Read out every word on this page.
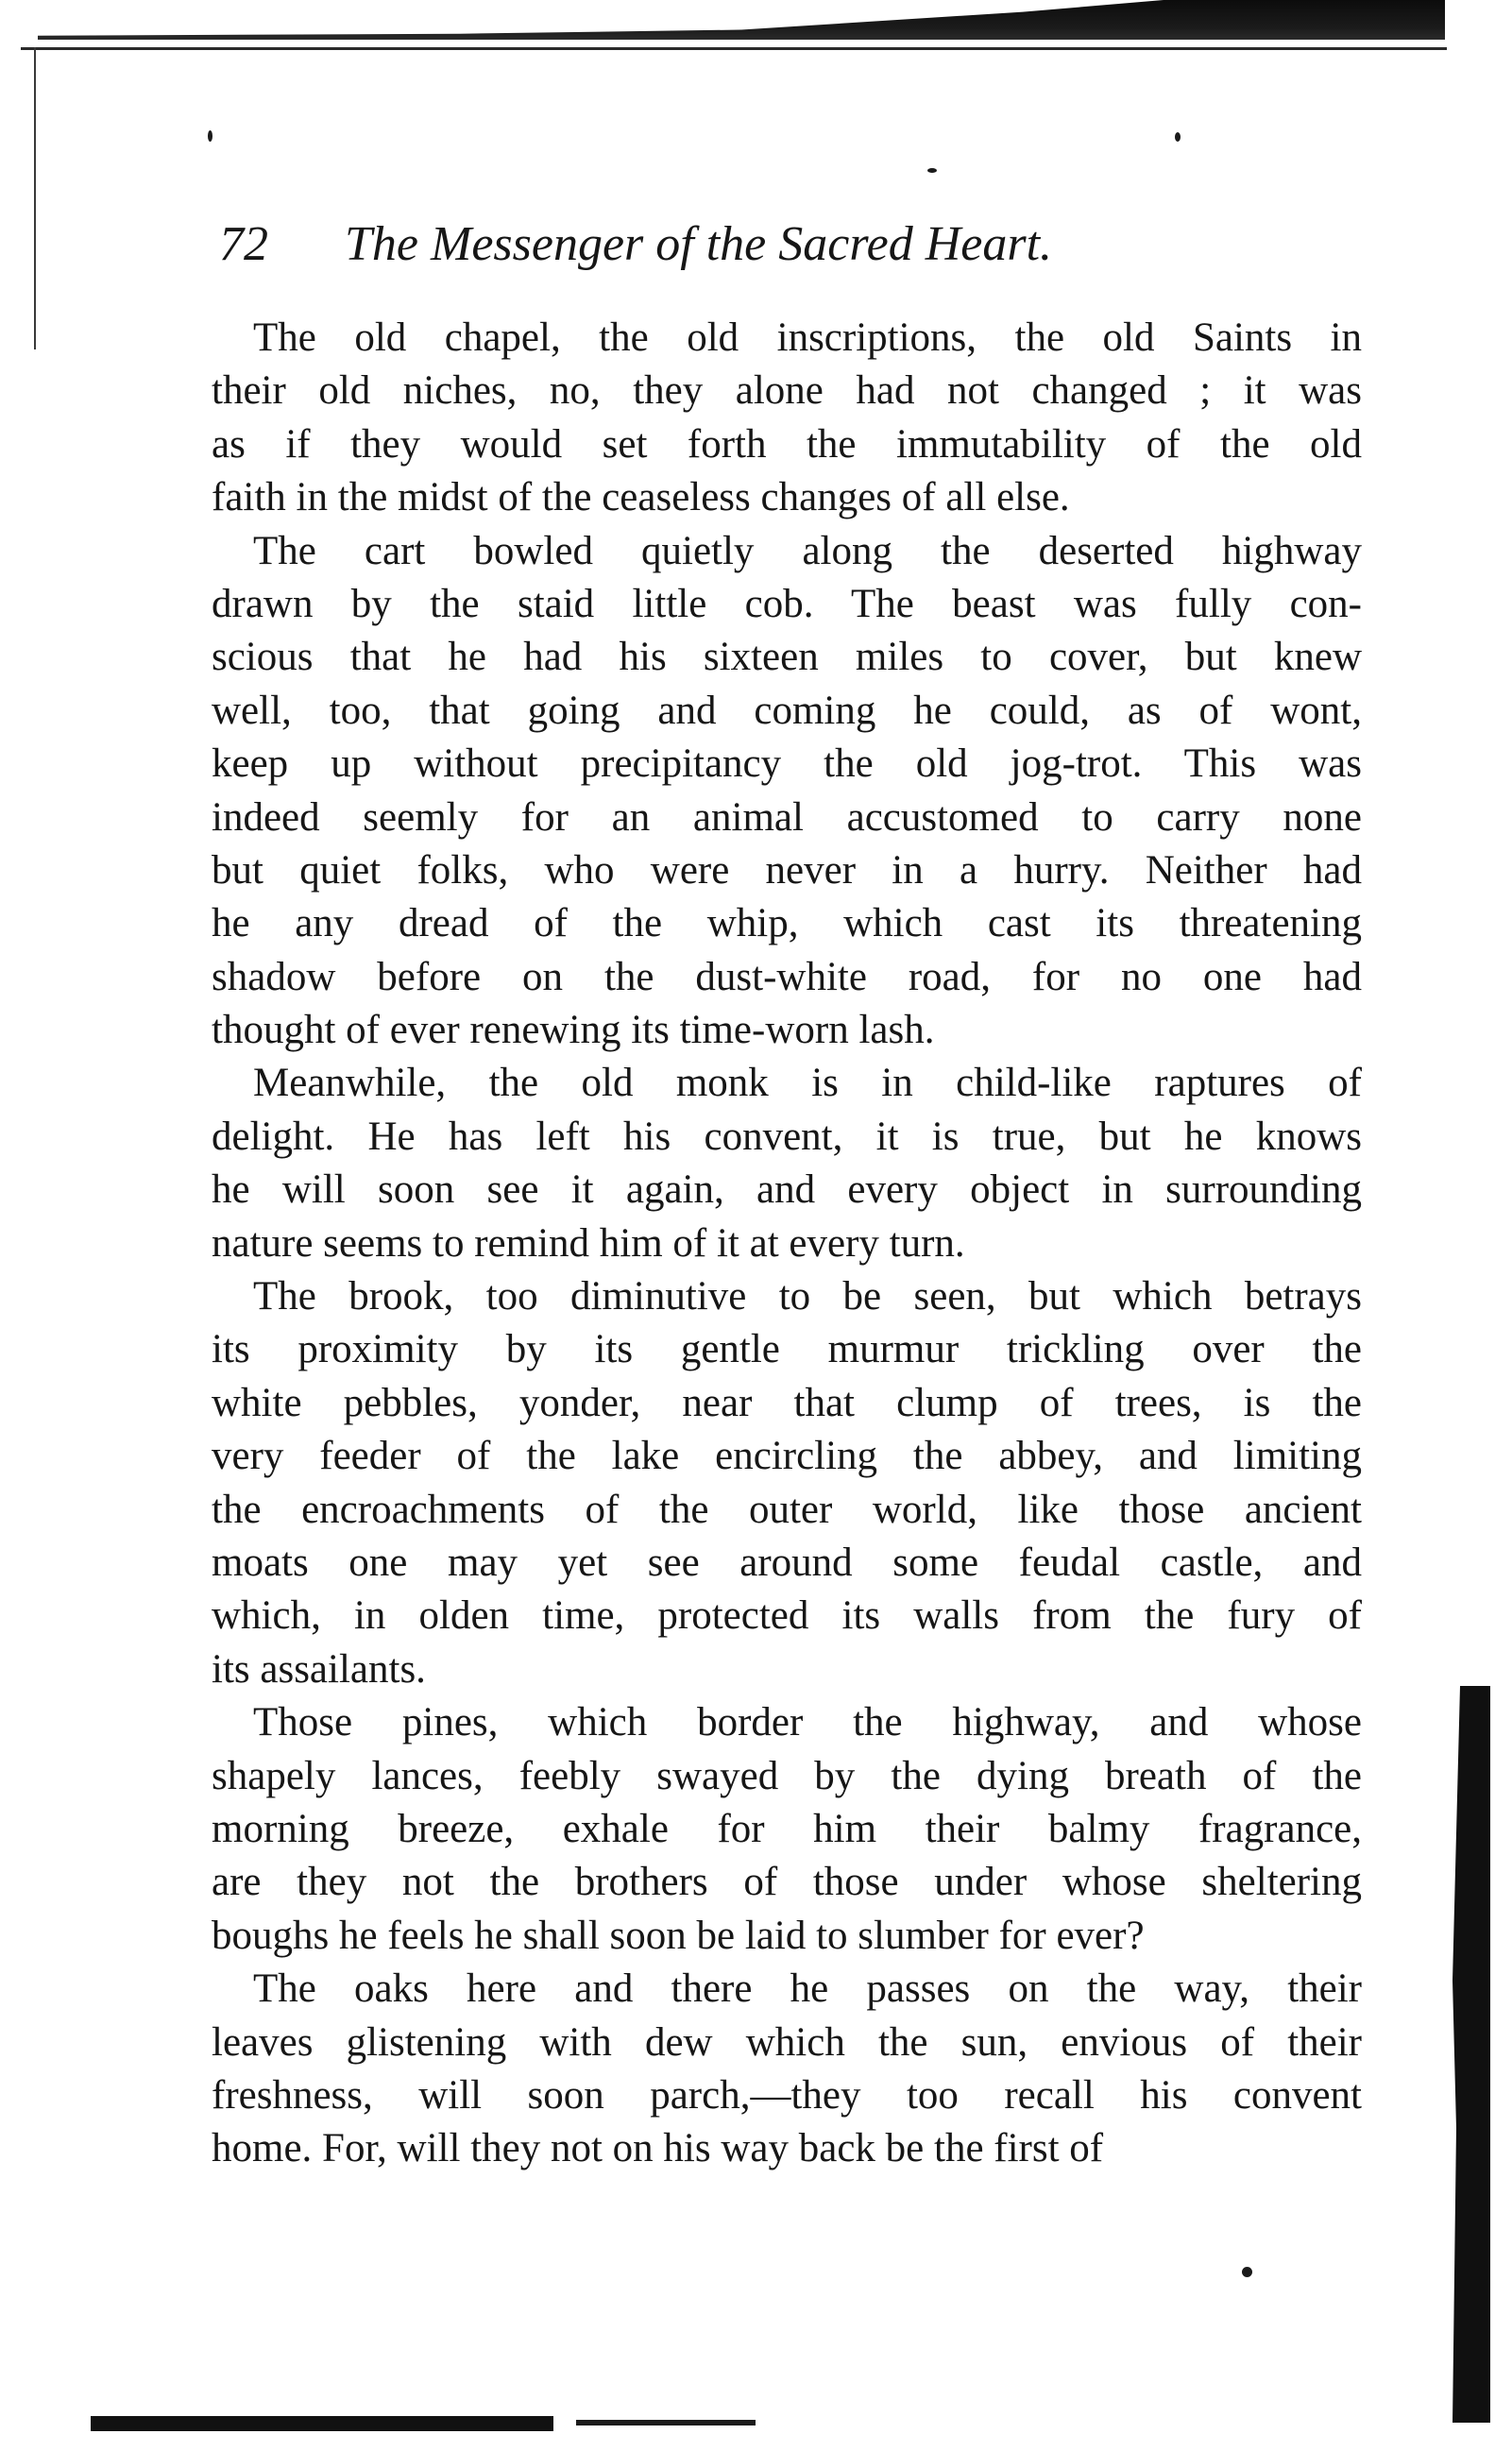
72 The Messenger of the Sacred Heart.

The old chapel, the old inscriptions, the old Saints in
their old niches, no, they alone had not changed ; it was
as if they would set forth the immutability of the old
faith in the midst of the ceaseless changes of all else.

The cart bowled quietly along the deserted highway
drawn by the staid little cob. The beast was fully con-
scious that he had his sixteen miles to cover, but knew
well, too, that going and coming he could, as of wont,
keep up without precipitancy the old jog-trot. This was
indeed seemly for an animal accustomed to carry none
but quiet folks, who were never in a hurry. Neither had
he any dread of the whip, which cast its threatening
shadow before on the dust-white road, for no one had
thought of ever renewing its time-worn lash.

Meanwhile, the old monk is in child-like raptures of
delight. He has left his convent, it is true, but he knows
he will soon see it again, and every object in surrounding
nature seems to remind him of it at every turn.

The brook, too diminutive to be seen, but which betrays
its proximity by its gentle murmur trickling over the
white pebbles, yonder, near that clump of trees, is the
very feeder of the lake encircling the abbey, and limiting
the encroachments of the outer world, like those ancient
moats one may yet see around some feudal castle, and
which, in olden time, protected its walls from the fury of
its assailants.

Those pines, which border the highway, and whose
shapely lances, feebly swayed by the dying breath of the
morning breeze, exhale for him their balmy fragrance,
are they not the brothers of those under whose sheltering
boughs he feels he shall soon be laid to slumber for ever?

The oaks here and there he passes on the way, their
leaves glistening with dew which the sun, envious of their
freshness, will soon parch,—they too recall his convent
home. For, will they not on his way back be the first of
